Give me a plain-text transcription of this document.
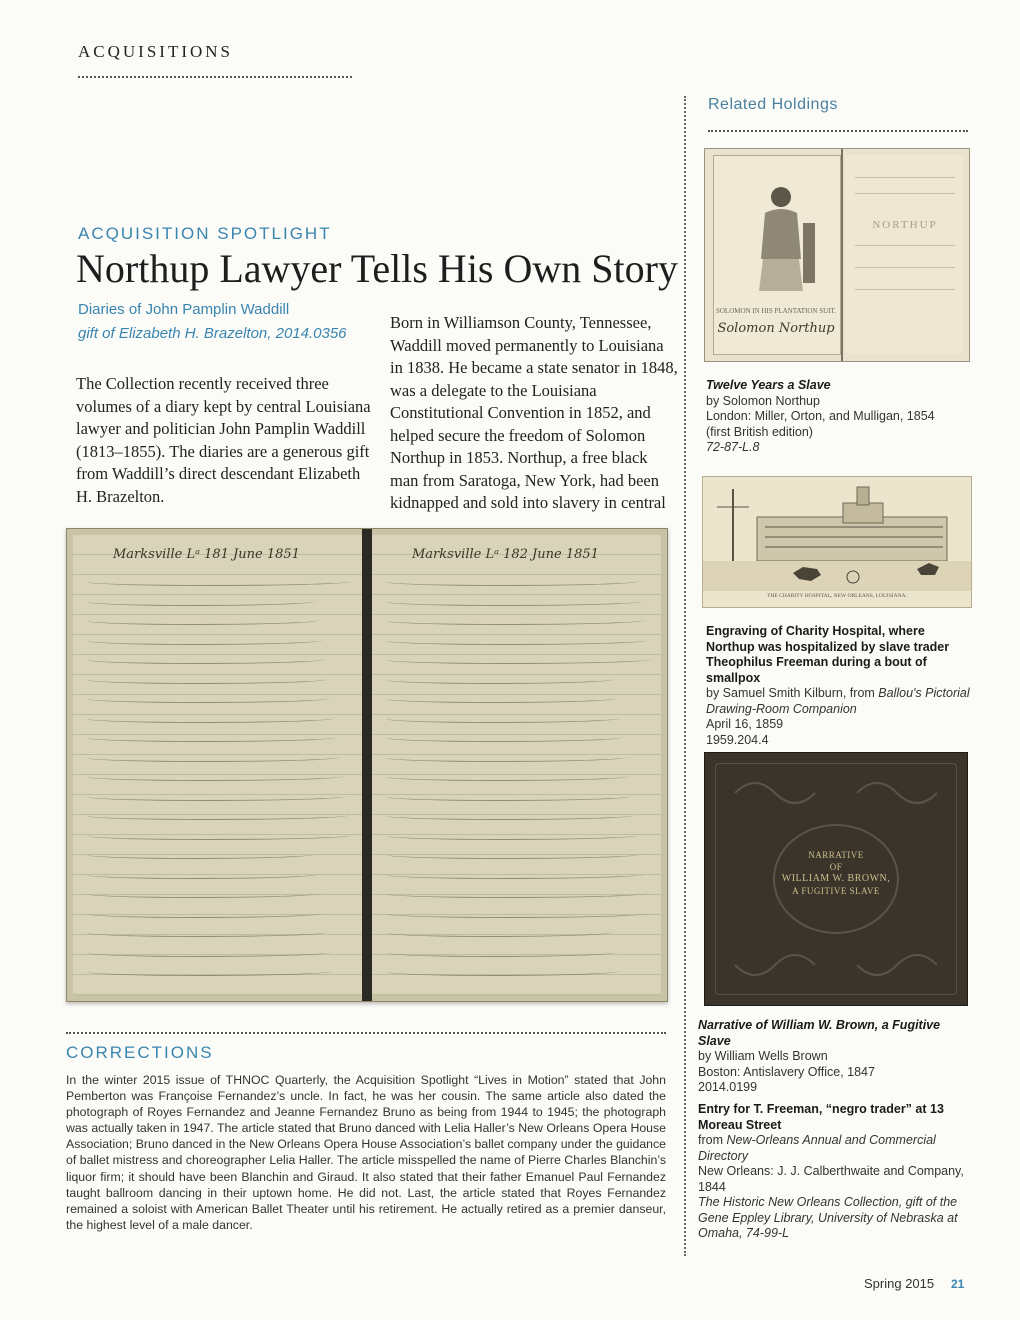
ACQUISITIONS
Related Holdings
SOLOMON IN HIS PLANTATION SUIT.
Solomon Northup
NORTHUP
Twelve Years a Slave
by Solomon Northup
London: Miller, Orton, and Mulligan, 1854
(first British edition)
72-87-L.8
THE CHARITY HOSPITAL, NEW ORLEANS, LOUISIANA.
Engraving of Charity Hospital, where Northup was hospitalized by slave trader Theophilus Freeman during a bout of smallpox
by Samuel Smith Kilburn, from Ballou's Pictorial Drawing-Room Companion
April 16, 1859
1959.204.4
NARRATIVE
OF
WILLIAM W. BROWN,
A FUGITIVE SLAVE
Narrative of William W. Brown, a Fugitive Slave
by William Wells Brown
Boston: Antislavery Office, 1847
2014.0199
Entry for T. Freeman, “negro trader” at 13 Moreau Street
from New-Orleans Annual and Commercial Directory
New Orleans: J. J. Calberthwaite and Company, 1844
The Historic New Orleans Collection, gift of the Gene Eppley Library, University of Nebraska at Omaha, 74-99-L
ACQUISITION SPOTLIGHT
Northup Lawyer Tells His Own Story
Diaries of John Pamplin Waddill
gift of Elizabeth H. Brazelton, 2014.0356
The Collection recently received three volumes of a diary kept by central Louisiana lawyer and politician John Pamplin Waddill (1813–1855). The diaries are a generous gift from Waddill’s direct descendant Elizabeth H. Brazelton.
Born in Williamson County, Tennessee, Waddill moved permanently to Louisiana in 1838. He became a state senator in 1848, was a delegate to the Louisiana Constitutional Convention in 1852, and helped secure the freedom of Solomon Northup in 1853. Northup, a free black man from Saratoga, New York, had been kidnapped and sold into slavery in central
Marksville Lᵃ 181 June 1851	Marksville Lᵃ 182 June 1851
CORRECTIONS
In the winter 2015 issue of THNOC Quarterly, the Acquisition Spotlight “Lives in Motion” stated that John Pemberton was Françoise Fernandez’s uncle. In fact, he was her cousin. The same article also dated the photograph of Royes Fernandez and Jeanne Fernandez Bruno as being from 1944 to 1945; the photograph was actually taken in 1947. The article stated that Bruno danced with Lelia Haller’s New Orleans Opera House Association; Bruno danced in the New Orleans Opera House Association’s ballet company under the guidance of ballet mistress and choreographer Lelia Haller. The article misspelled the name of Pierre Charles Blanchin’s liquor firm; it should have been Blanchin and Giraud. It also stated that their father Emanuel Paul Fernandez taught ballroom dancing in their uptown home. He did not. Last, the article stated that Royes Fernandez remained a soloist with American Ballet Theater until his retirement. He actually retired as a premier danseur, the highest level of a male dancer.
Spring 2015 21
